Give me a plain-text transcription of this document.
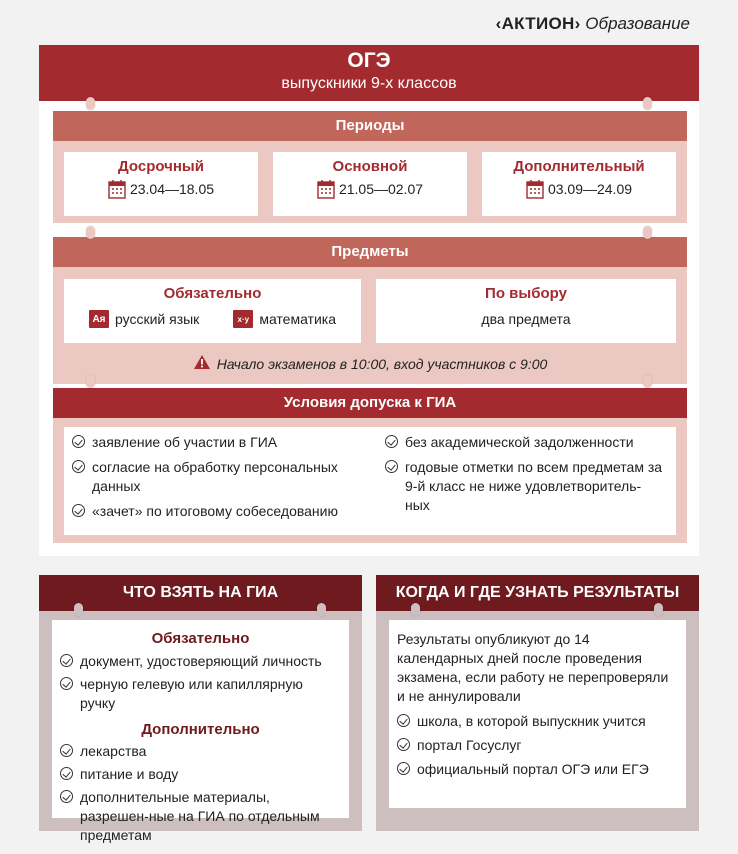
‹АКТИОН› Образование
ОГЭ
выпускники 9-х классов
Периоды
Досрочный
23.04—18.05
Основной
21.05—02.07
Дополнительный
03.09—24.09
Предметы
Обязательно
Ая русский язык	x·y математика
По выбору
два предмета
Начало экзаменов в 10:00, вход участников с 9:00
Условия допуска к ГИА
заявление об участии в ГИА
согласие на обработку персональных данных
«зачет» по итоговому собеседованию
без академической задолженности
годовые отметки по всем предметам за 9-й класс не ниже удовлетворитель-ных
ЧТО ВЗЯТЬ НА ГИА
Обязательно
документ, удостоверяющий личность
черную гелевую или капиллярную ручку
Дополнительно
лекарства
питание и воду
дополнительные материалы, разрешен-ные на ГИА по отдельным предметам
КОГДА И ГДЕ УЗНАТЬ РЕЗУЛЬТАТЫ
Результаты опубликуют до 14 календарных дней после проведения экзамена, если работу не перепроверяли и не аннулировали
школа, в которой выпускник учится
портал Госуслуг
официальный портал ОГЭ или ЕГЭ
